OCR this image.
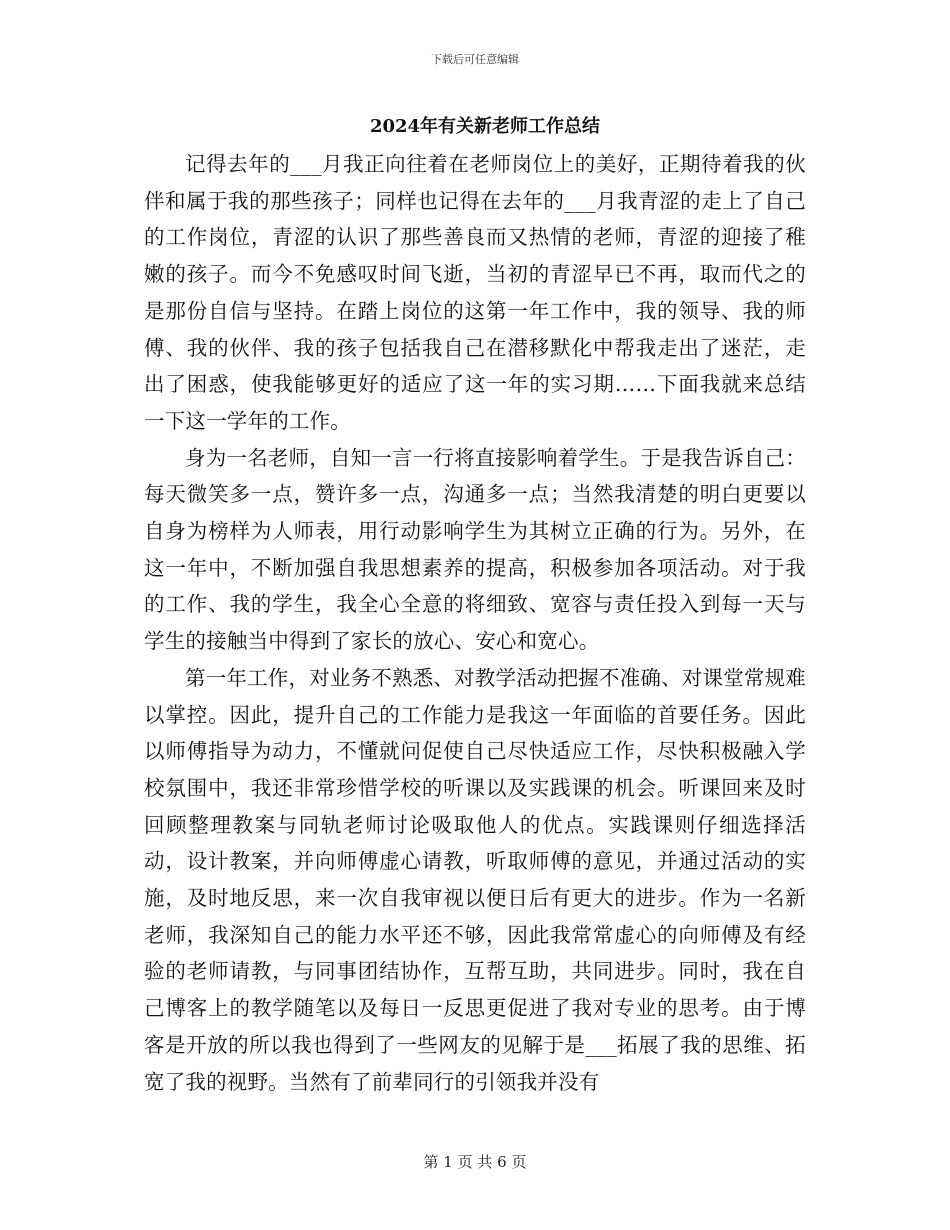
下载后可任意编辑
2024年有关新老师工作总结

记得去年的___月我正向往着在老师岗位上的美好，正期待着我的伙伴和属于我的那些孩子；同样也记得在去年的___月我青涩的走上了自己的工作岗位，青涩的认识了那些善良而又热情的老师，青涩的迎接了稚嫩的孩子。而今不免感叹时间飞逝，当初的青涩早已不再，取而代之的是那份自信与坚持。在踏上岗位的这第一年工作中，我的领导、我的师傅、我的伙伴、我的孩子包括我自己在潜移默化中帮我走出了迷茫，走出了困惑，使我能够更好的适应了这一年的实习期……下面我就来总结一下这一学年的工作。

身为一名老师，自知一言一行将直接影响着学生。于是我告诉自己：每天微笑多一点，赞许多一点，沟通多一点；当然我清楚的明白更要以自身为榜样为人师表，用行动影响学生为其树立正确的行为。另外，在这一年中，不断加强自我思想素养的提高，积极参加各项活动。对于我的工作、我的学生，我全心全意的将细致、宽容与责任投入到每一天与学生的接触当中得到了家长的放心、安心和宽心。

第一年工作，对业务不熟悉、对教学活动把握不准确、对课堂常规难以掌控。因此，提升自己的工作能力是我这一年面临的首要任务。因此以师傅指导为动力，不懂就问促使自己尽快适应工作，尽快积极融入学校氛围中，我还非常珍惜学校的听课以及实践课的机会。听课回来及时回顾整理教案与同轨老师讨论吸取他人的优点。实践课则仔细选择活动，设计教案，并向师傅虚心请教，听取师傅的意见，并通过活动的实施，及时地反思，来一次自我审视以便日后有更大的进步。作为一名新老师，我深知自己的能力水平还不够，因此我常常虚心的向师傅及有经验的老师请教，与同事团结协作，互帮互助，共同进步。同时，我在自己博客上的教学随笔以及每日一反思更促进了我对专业的思考。由于博客是开放的所以我也得到了一些网友的见解于是___拓展了我的思维、拓宽了我的视野。当然有了前辈同行的引领我并没有

第 1 页 共 6 页
